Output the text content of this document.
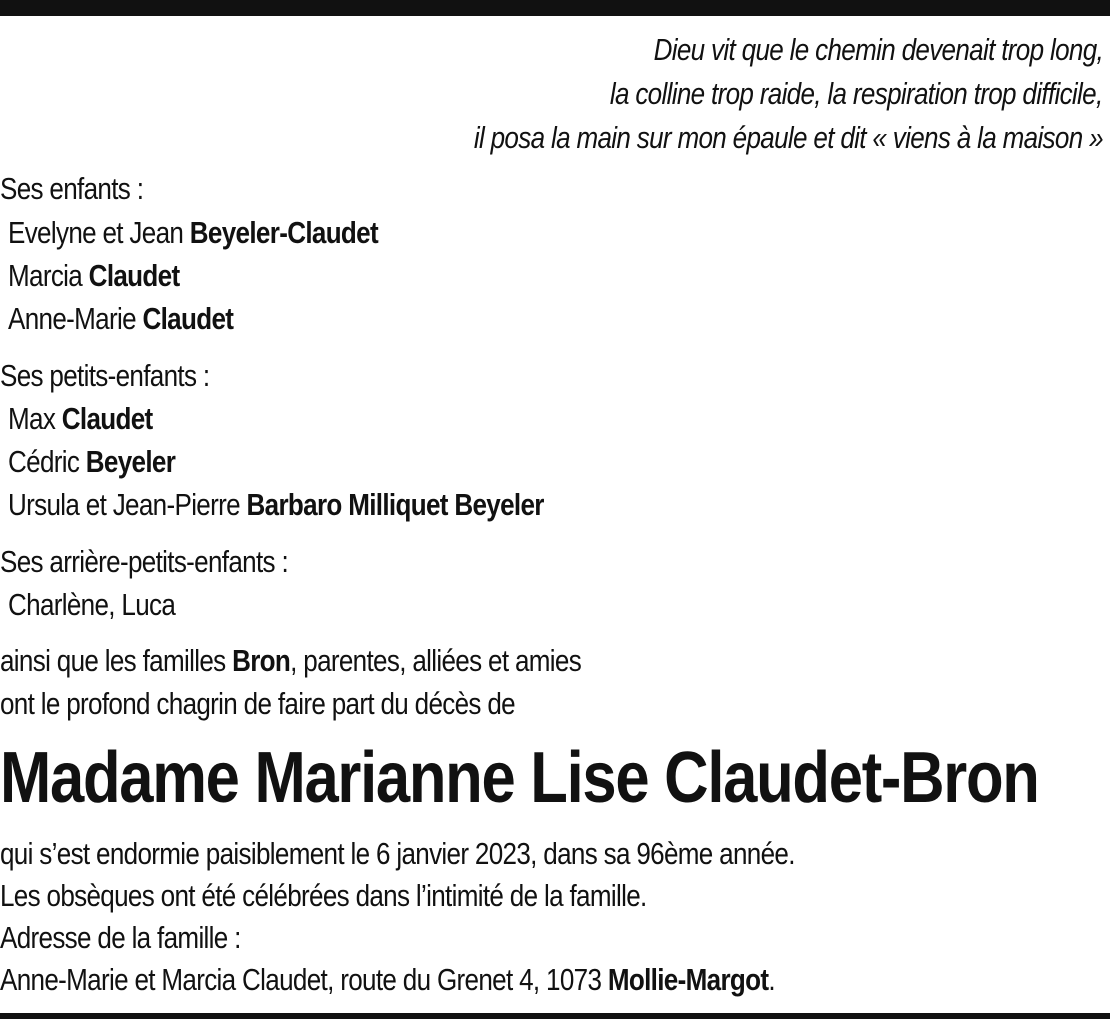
Dieu vit que le chemin devenait trop long,
la colline trop raide, la respiration trop difficile,
il posa la main sur mon épaule et dit « viens à la maison »
Ses enfants :
Evelyne et Jean Beyeler-Claudet
Marcia Claudet
Anne-Marie Claudet
Ses petits-enfants :
Max Claudet
Cédric Beyeler
Ursula et Jean-Pierre Barbaro Milliquet Beyeler
Ses arrière-petits-enfants :
Charlène, Luca
ainsi que les familles Bron, parentes, alliées et amies
ont le profond chagrin de faire part du décès de
Madame Marianne Lise Claudet-Bron
qui s’est endormie paisiblement le 6 janvier 2023, dans sa 96ème année.
Les obsèques ont été célébrées dans l’intimité de la famille.
Adresse de la famille :
Anne-Marie et Marcia Claudet, route du Grenet 4, 1073 Mollie-Margot.
